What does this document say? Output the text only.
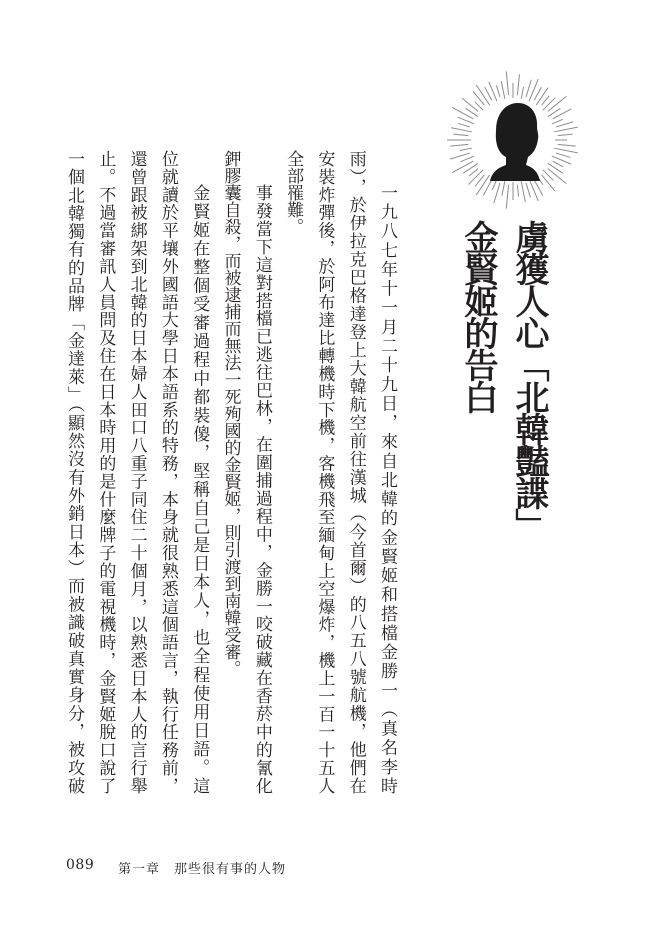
虜獲人心「北韓豔諜」
金賢姬的告白

一九八七年十一月二十九日，來自北韓的金賢姬和搭檔金勝一（真名李時

雨），於伊拉克巴格達登上大韓航空前往漢城（今首爾）的八五八號航機，他們在

安裝炸彈後，於阿布達比轉機時下機，客機飛至緬甸上空爆炸，機上一百一十五人

全部罹難。

事發當下這對搭檔已逃往巴林，在圍捕過程中，金勝一咬破藏在香菸中的氰化

鉀膠囊自殺，而被逮捕而無法一死殉國的金賢姬，則引渡到南韓受審。

金賢姬在整個受審過程中都裝傻，堅稱自己是日本人，也全程使用日語。這

位就讀於平壤外國語大學日本語系的特務，本身就很熟悉這個語言，執行任務前，

還曾跟被綁架到北韓的日本婦人田口八重子同住二十個月，以熟悉日本人的言行舉

止。不過當審訊人員問及住在日本時用的是什麼牌子的電視機時，金賢姬脫口說了

一個北韓獨有的品牌「金達萊」（顯然沒有外銷日本）而被識破真實身分，被攻破

089 第一章　那些很有事的人物
